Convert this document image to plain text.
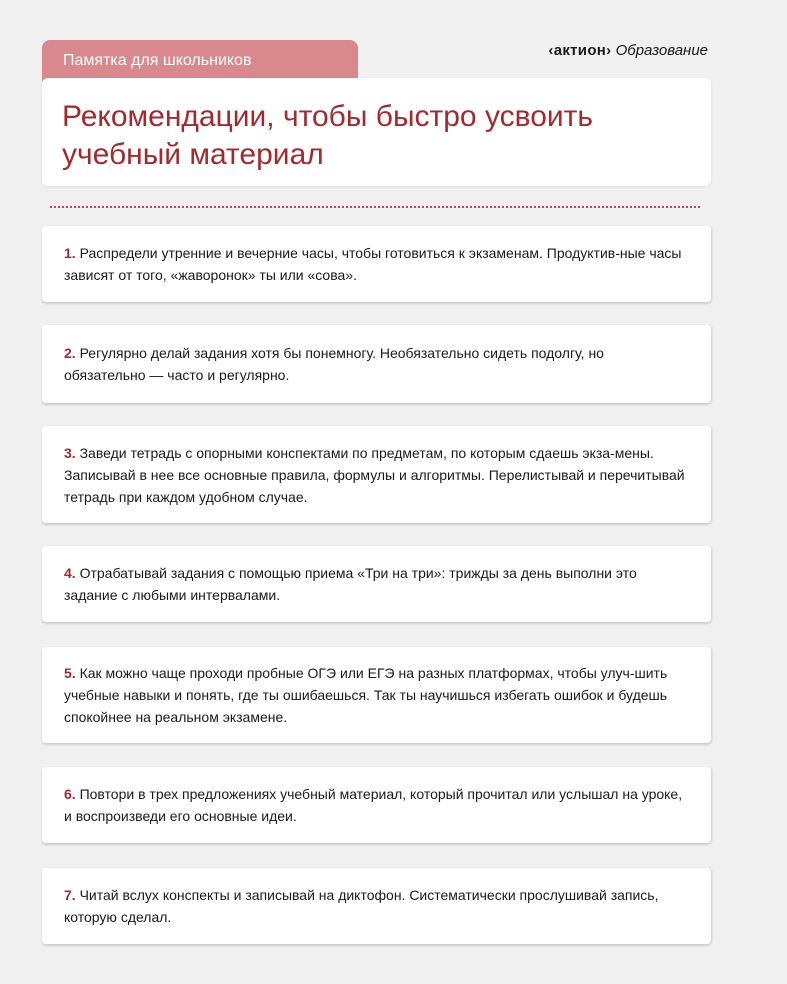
Памятка для школьников
‹актион› Образование
Рекомендации, чтобы быстро усвоить учебный материал

1. Распредели утренние и вечерние часы, чтобы готовиться к экзаменам. Продуктив-ные часы зависят от того, «жаворонок» ты или «сова».

2. Регулярно делай задания хотя бы понемногу. Необязательно сидеть подолгу, но обязательно — часто и регулярно.

3. Заведи тетрадь с опорными конспектами по предметам, по которым сдаешь экза-мены. Записывай в нее все основные правила, формулы и алгоритмы. Перелистывай и перечитывай тетрадь при каждом удобном случае.

4. Отрабатывай задания с помощью приема «Три на три»: трижды за день выполни это задание с любыми интервалами.

5. Как можно чаще проходи пробные ОГЭ или ЕГЭ на разных платформах, чтобы улуч-шить учебные навыки и понять, где ты ошибаешься. Так ты научишься избегать ошибок и будешь спокойнее на реальном экзамене.

6. Повтори в трех предложениях учебный материал, который прочитал или услышал на уроке, и воспроизведи его основные идеи.

7. Читай вслух конспекты и записывай на диктофон. Систематически прослушивай запись, которую сделал.
